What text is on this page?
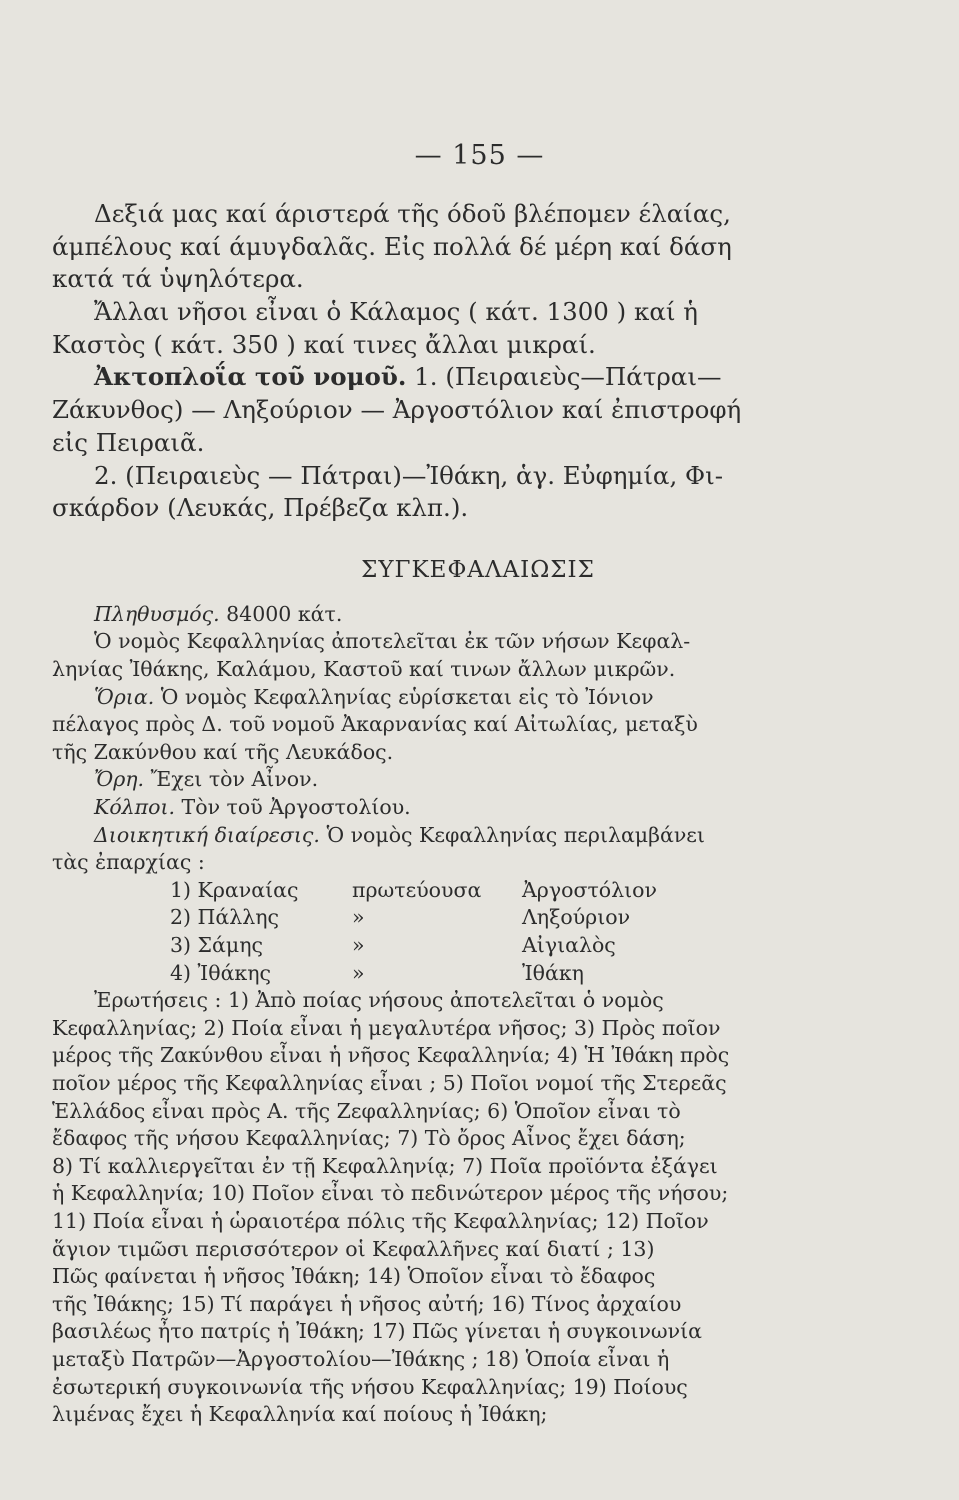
— 155 —
Δεξιά μας καί άριστερά τῆς όδοῦ βλέπομεν έλαίας,
άμπέλους καί άμυγδαλᾶς. Εἰς πολλά δέ μέρη καί δάση
κατά τά ὑψηλότερα.
Ἄλλαι νῆσοι εἶναι ὁ Κάλαμος ( κάτ. 1300 ) καί ἡ
Καστὸς ( κάτ. 350 ) καί τινες ἄλλαι μικραί.
Ἀκτοπλοΐα τοῦ νομοῦ. 1. (Πειραιεὺς—Πάτραι—
Ζάκυνθος) — Ληξούριον — Ἀργοστόλιον καί ἐπιστροφή
εἰς Πειραιᾶ.
2. (Πειραιεὺς — Πάτραι)—Ἰθάκη, ἁγ. Εὐφημία, Φι-
σκάρδον (Λευκάς, Πρέβεζα κλπ.).
ΣΥΓΚΕΦΑΛΑΙΩΣΙΣ
Πληθυσμός. 84000 κάτ.
Ὁ νομὸς Κεφαλληνίας ἀποτελεῖται ἐκ τῶν νήσων Κεφαλ-
ληνίας Ἰθάκης, Καλάμου, Καστοῦ καί τινων ἄλλων μικρῶν.
Ὅρια. Ὁ νομὸς Κεφαλληνίας εὑρίσκεται εἰς τὸ Ἰόνιον
πέλαγος πρὸς Δ. τοῦ νομοῦ Ἀκαρνανίας καί Αἰτωλίας, μεταξὺ
τῆς Ζακύνθου καί τῆς Λευκάδος.
Ὄρη. Ἔχει τὸν Αἶνον.
Κόλποι. Τὸν τοῦ Ἀργοστολίου.
Διοικητική διαίρεσις. Ὁ νομὸς Κεφαλληνίας περιλαμβάνει
τὰς ἐπαρχίας :
1) Κραναίας	πρωτεύουσα	Ἀργοστόλιον
2) Πάλλης	»	Ληξούριον
3) Σάμης	»	Αἰγιαλὸς
4) Ἰθάκης	»	Ἰθάκη
Ἐρωτήσεις : 1) Ἀπὸ ποίας νήσους ἀποτελεῖται ὁ νομὸς
Κεφαλληνίας; 2) Ποία εἶναι ἡ μεγαλυτέρα νῆσος; 3) Πρὸς ποῖον
μέρος τῆς Ζακύνθου εἶναι ἡ νῆσος Κεφαλληνία; 4) Ἡ Ἰθάκη πρὸς
ποῖον μέρος τῆς Κεφαλληνίας εἶναι ; 5) Ποῖοι νομοί τῆς Στερεᾶς
Ἑλλάδος εἶναι πρὸς Α. τῆς Ζεφαλληνίας; 6) Ὁποῖον εἶναι τὸ
ἔδαφος τῆς νήσου Κεφαλληνίας; 7) Τὸ ὄρος Αἶνος ἔχει δάση;
8) Τί καλλιεργεῖται ἐν τῇ Κεφαλληνίᾳ; 7) Ποῖα προϊόντα ἐξάγει
ἡ Κεφαλληνία; 10) Ποῖον εἶναι τὸ πεδινώτερον μέρος τῆς νήσου;
11) Ποία εἶναι ἡ ὡραιοτέρα πόλις τῆς Κεφαλληνίας; 12) Ποῖον
ἅγιον τιμῶσι περισσότερον οἱ Κεφαλλῆνες καί διατί ; 13)
Πῶς φαίνεται ἡ νῆσος Ἰθάκη; 14) Ὁποῖον εἶναι τὸ ἔδαφος
τῆς Ἰθάκης; 15) Τί παράγει ἡ νῆσος αὐτή; 16) Τίνος ἀρχαίου
βασιλέως ἦτο πατρίς ἡ Ἰθάκη; 17) Πῶς γίνεται ἡ συγκοινωνία
μεταξὺ Πατρῶν—Ἀργοστολίου—Ἰθάκης ; 18) Ὁποία εἶναι ἡ
ἐσωτερική συγκοινωνία τῆς νήσου Κεφαλληνίας; 19) Ποίους
λιμένας ἔχει ἡ Κεφαλληνία καί ποίους ἡ Ἰθάκη;
